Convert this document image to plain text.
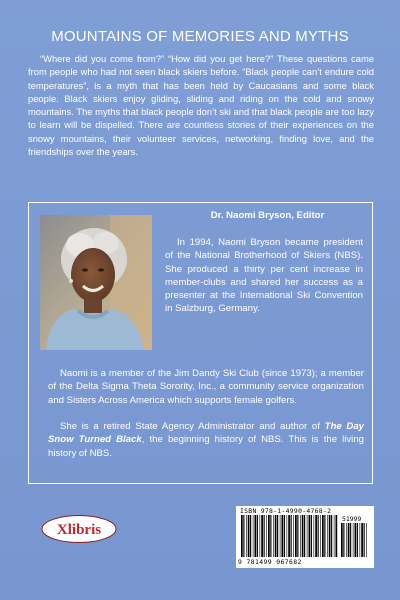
MOUNTAINS OF MEMORIES AND MYTHS

“Where did you come from?” “How did you get here?” These questions came from people who had not seen black skiers before. “Black people can’t endure cold temperatures”, is a myth that has been held by Caucasians and some black people. Black skiers enjoy gliding, sliding and riding on the cold and snowy mountains. The myths that black people don’t ski and that black people are too lazy to learn will be dispelled. There are countless stories of their experiences on the snowy mountains, their volunteer services, networking, finding love, and the friendships over the years.

Dr. Naomi Bryson, Editor

In 1994, Naomi Bryson became president of the National Brotherhood of Skiers (NBS). She produced a thirty per cent increase in member-clubs and shared her success as a presenter at the International Ski Convention in Salzburg, Germany.

Naomi is a member of the Jim Dandy Ski Club (since 1973); a member of the Delta Sigma Theta Sorority, Inc., a community service organization and Sisters Across America which supports female golfers.

She is a retired State Agency Administrator and author of The Day Snow Turned Black, the beginning history of NBS. This is the living history of NBS.

Xlibris

ISBN 978-1-4990-4768-2

51999

9 781499 067682
